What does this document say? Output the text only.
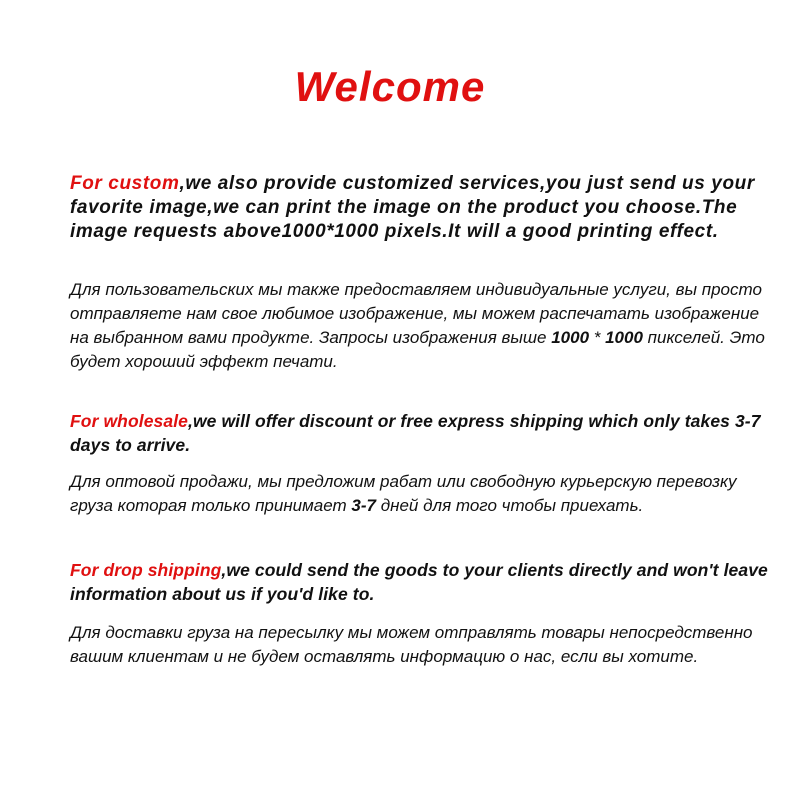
Welcome

For custom,we also provide customized services,you just send us your favorite image,we can print the image on the product you choose.The image requests above1000*1000 pixels.It will a good printing effect.

Для пользовательских мы также предоставляем индивидуальные услуги, вы просто отправляете нам свое любимое изображение, мы можем распечатать изображение на выбранном вами продукте. Запросы изображения выше 1000 * 1000 пикселей. Это будет хороший эффект печати.

For wholesale,we will offer discount or free express shipping which only takes 3-7 days to arrive.

Для оптовой продажи, мы предложим рабат или свободную курьерскую перевозку груза которая только принимает 3-7 дней для того чтобы приехать.

For drop shipping,we could send the goods to your clients directly and won't leave information about us if you'd like to.

Для доставки груза на пересылку мы можем отправлять товары непосредственно вашим клиентам и не будем оставлять информацию о нас, если вы хотите.
